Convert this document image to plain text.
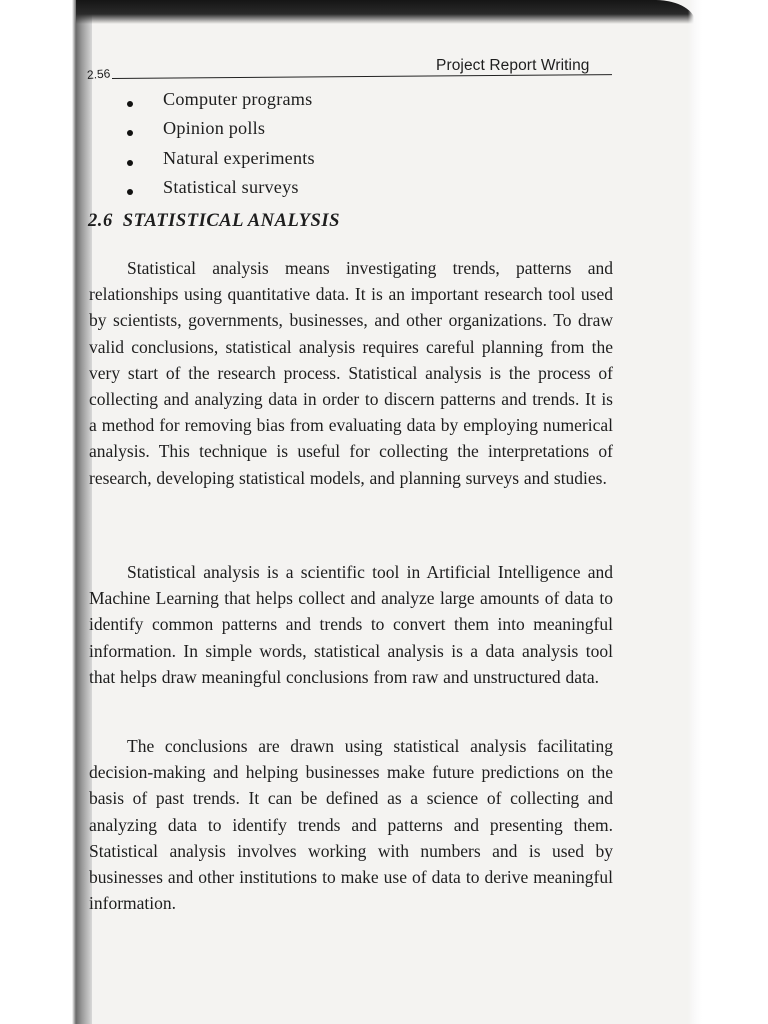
2.56
Project Report Writing
Computer programs
Opinion polls
Natural experiments
Statistical surveys
2.6 STATISTICAL ANALYSIS

Statistical analysis means investigating trends, patterns and relationships using quantitative data. It is an important research tool used by scientists, governments, businesses, and other organizations. To draw valid conclusions, statistical analysis requires careful planning from the very start of the research process. Statistical analysis is the process of collecting and analyzing data in order to discern patterns and trends. It is a method for removing bias from evaluating data by employing numerical analysis. This technique is useful for collecting the interpretations of research, developing statistical models, and planning surveys and studies.

Statistical analysis is a scientific tool in Artificial Intelligence and Machine Learning that helps collect and analyze large amounts of data to identify common patterns and trends to convert them into meaningful information. In simple words, statistical analysis is a data analysis tool that helps draw meaningful conclusions from raw and unstructured data.

The conclusions are drawn using statistical analysis facilitating decision-making and helping businesses make future predictions on the basis of past trends. It can be defined as a science of collecting and analyzing data to identify trends and patterns and presenting them. Statistical analysis involves working with numbers and is used by businesses and other institutions to make use of data to derive meaningful information.
